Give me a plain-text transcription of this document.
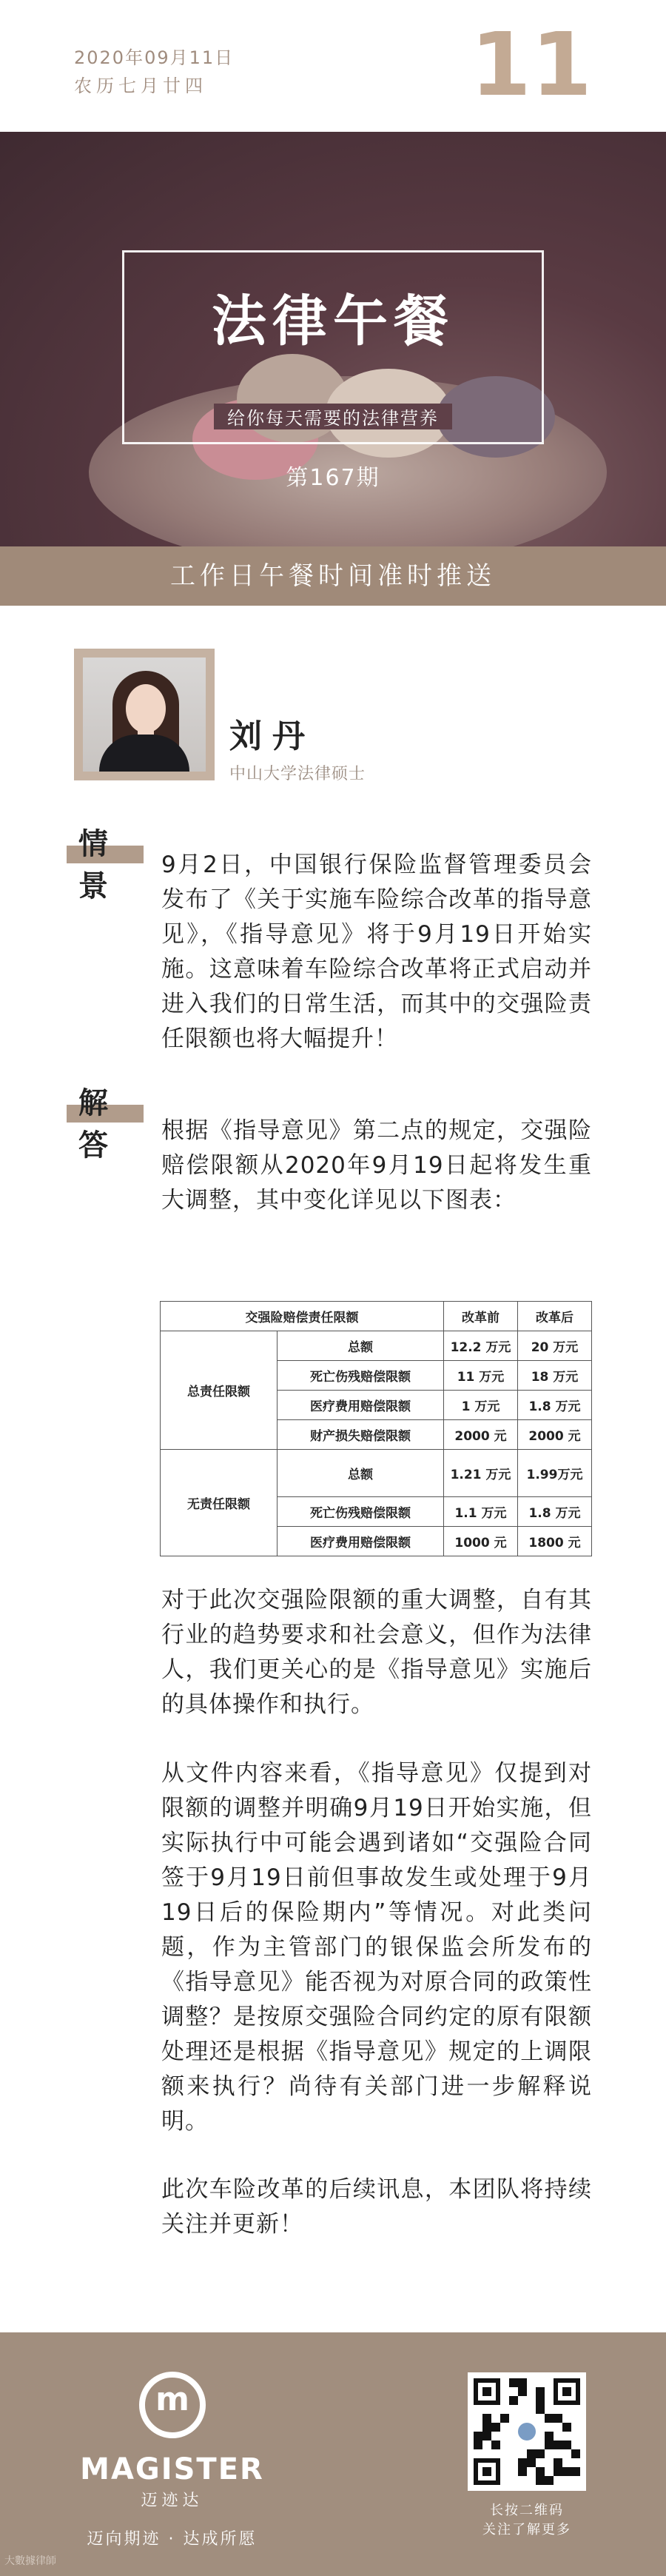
2020年09月11日
农历七月廿四	11
法律午餐
给你每天需要的法律营养
第167期
工作日午餐时间准时推送
刘丹
中山大学法律硕士
情景
9月2日，中国银行保险监督管理委员会发布了《关于实施车险综合改革的指导意见》，《指导意见》将于9月19日开始实施。这意味着车险综合改革将正式启动并进入我们的日常生活，而其中的交强险责任限额也将大幅提升！
解答	根据《指导意见》第二点的规定，交强险赔偿限额从2020年9月19日起将发生重大调整，其中变化详见以下图表：
交强险赔偿责任限额		改革前	改革后
总责任限额	总额	12.2 万元	20 万元
	死亡伤残赔偿限额	11 万元	18 万元
	医疗费用赔偿限额	1 万元	1.8 万元
	财产损失赔偿限额	2000 元	2000 元
无责任限额	总额	1.21 万元	1.99万元
	死亡伤残赔偿限额	1.1 万元	1.8 万元
	医疗费用赔偿限额	1000 元	1800 元
对于此次交强险限额的重大调整，自有其行业的趋势要求和社会意义，但作为法律人，我们更关心的是《指导意见》实施后的具体操作和执行。
从文件内容来看，《指导意见》仅提到对限额的调整并明确9月19日开始实施，但实际执行中可能会遇到诸如“交强险合同签于9月19日前但事故发生或处理于9月19日后的保险期内”等情况。对此类问题，作为主管部门的银保监会所发布的《指导意见》能否视为对原合同的政策性调整？是按原交强险合同约定的原有限额处理还是根据《指导意见》规定的上调限额来执行？尚待有关部门进一步解释说明。
此次车险改革的后续讯息，本团队将持续关注并更新！
m
MAGISTER
迈迹达
迈向期迹 · 达成所愿
长按二维码
关注了解更多
大數據律師
